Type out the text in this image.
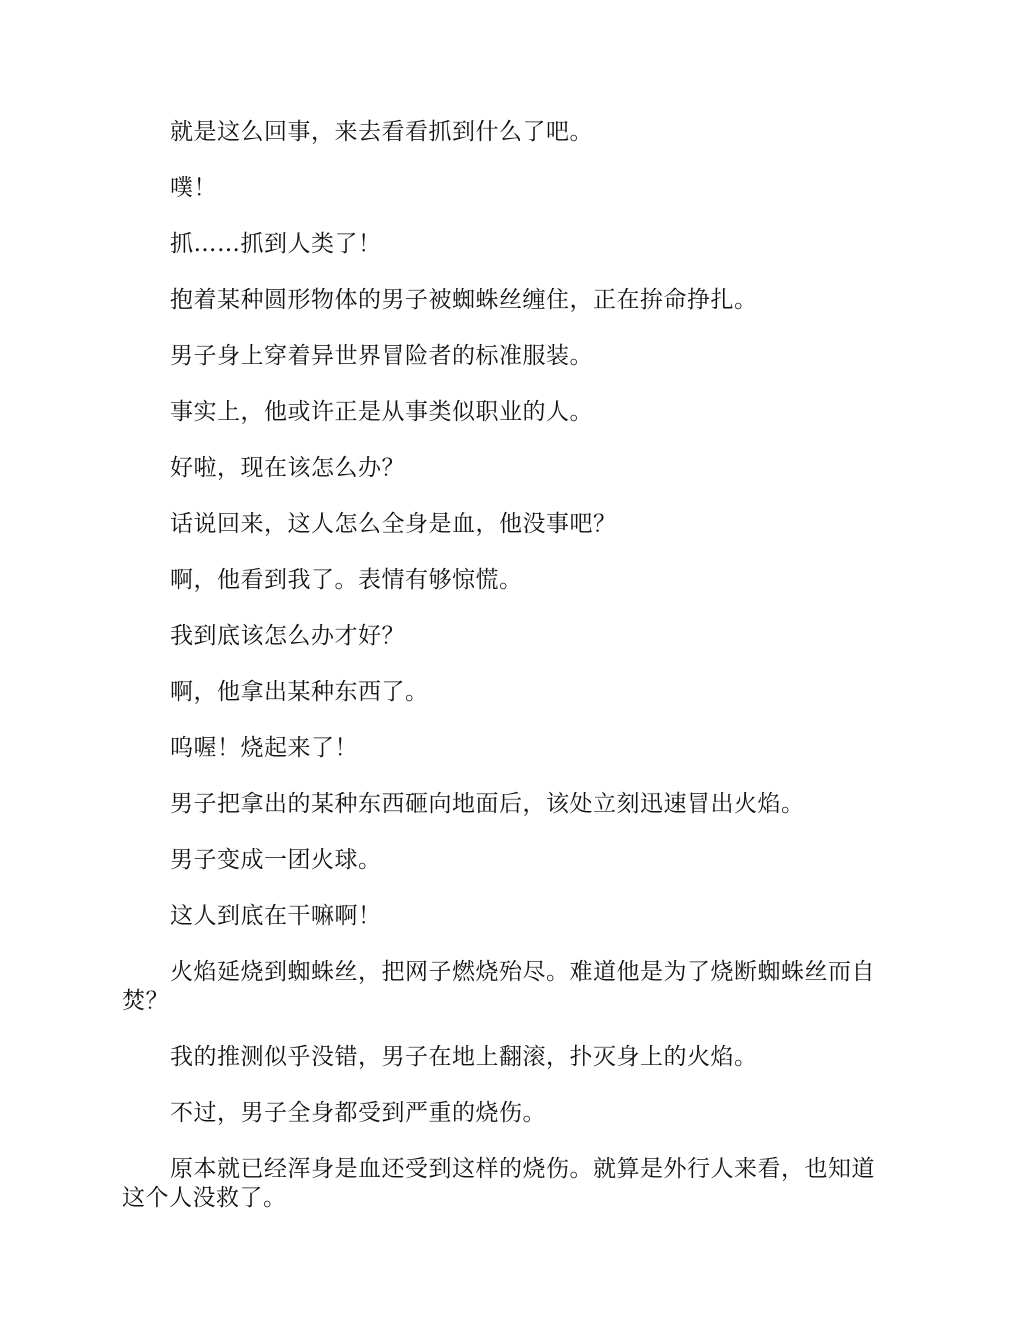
就是这么回事，来去看看抓到什么了吧。

噗！

抓……抓到人类了！

抱着某种圆形物体的男子被蜘蛛丝缠住，正在拚命挣扎。

男子身上穿着异世界冒险者的标准服装。

事实上，他或许正是从事类似职业的人。

好啦，现在该怎么办？

话说回来，这人怎么全身是血，他没事吧？

啊，他看到我了。表情有够惊慌。

我到底该怎么办才好？

啊，他拿出某种东西了。

呜喔！烧起来了！

男子把拿出的某种东西砸向地面后，该处立刻迅速冒出火焰。

男子变成一团火球。

这人到底在干嘛啊！

火焰延烧到蜘蛛丝，把网子燃烧殆尽。难道他是为了烧断蜘蛛丝而自焚？

我的推测似乎没错，男子在地上翻滚，扑灭身上的火焰。

不过，男子全身都受到严重的烧伤。

原本就已经浑身是血还受到这样的烧伤。就算是外行人来看，也知道这个人没救了。
